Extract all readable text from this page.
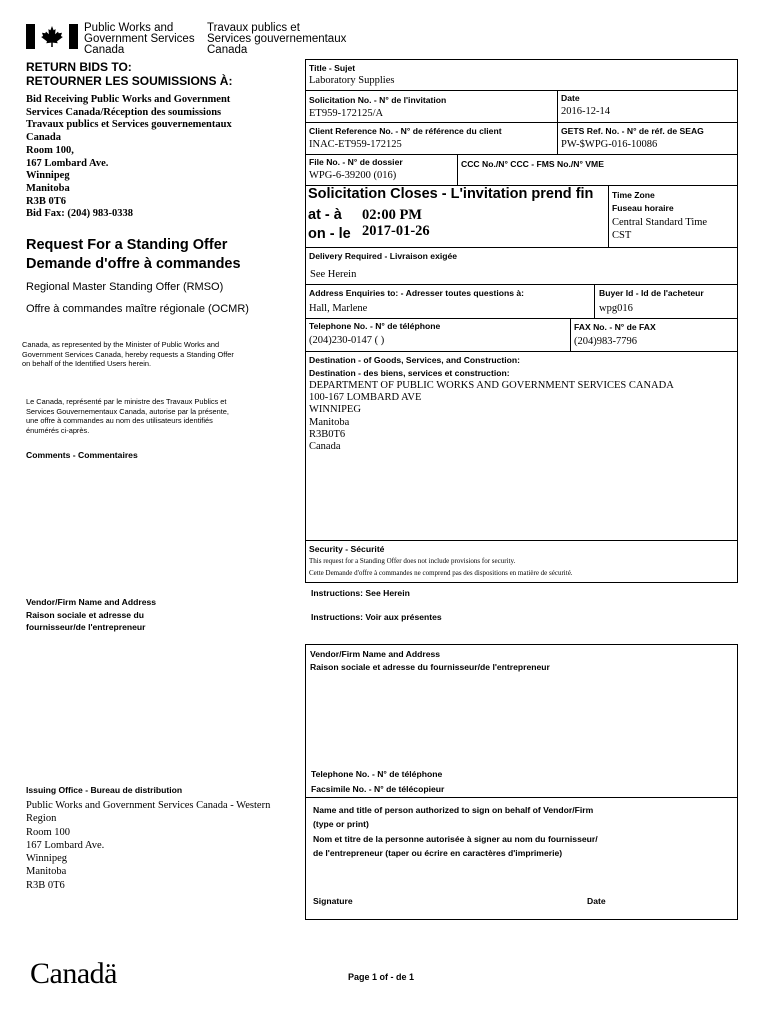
Public Works and
Government Services
Canada
Travaux publics et
Services gouvernementaux
Canada
RETURN BIDS TO:
RETOURNER LES SOUMISSIONS À:
Bid Receiving Public Works and Government
Services Canada/Réception des soumissions
Travaux publics et Services gouvernementaux
Canada
Room 100,
167 Lombard Ave.
Winnipeg
Manitoba
R3B 0T6
Bid Fax: (204) 983-0338
Request For a Standing Offer
Demande d'offre à commandes
Regional Master Standing Offer (RMSO)
Offre à commandes maître régionale (OCMR)
Canada, as represented by the Minister of Public Works and
Government Services Canada, hereby requests a Standing Offer
on behalf of the Identified Users herein.
Le Canada, représenté par le ministre des Travaux Publics et
Services Gouvernementaux Canada, autorise par la présente,
une offre à commandes au nom des utilisateurs identifiés
énumérés ci-après.
Comments - Commentaires
Vendor/Firm Name and Address
Raison sociale et adresse du
fournisseur/de l'entrepreneur
Issuing Office - Bureau de distribution
Public Works and Government Services Canada - Western
Region
Room 100
167 Lombard Ave.
Winnipeg
Manitoba
R3B 0T6
Title - Sujet
Laboratory Supplies
Solicitation No. - N° de l'invitation
ET959-172125/A
Date
2016-12-14
Client Reference No. - N° de référence du client
INAC-ET959-172125
GETS Ref. No. - N° de réf. de SEAG
PW-$WPG-016-10086
File No. - N° de dossier
WPG-6-39200 (016)
CCC No./N° CCC - FMS No./N° VME
Solicitation Closes - L'invitation prend fin
at - à 02:00 PM
on - le 2017-01-26
Time Zone
Fuseau horaire
Central Standard Time
CST
Delivery Required - Livraison exigée
See Herein
Address Enquiries to: - Adresser toutes questions à:
Hall, Marlene
Buyer Id - Id de l'acheteur
wpg016
Telephone No. - N° de téléphone
(204)230-0147 ( )
FAX No. - N° de FAX
(204)983-7796
Destination - of Goods, Services, and Construction:
Destination - des biens, services et construction:
DEPARTMENT OF PUBLIC WORKS AND GOVERNMENT SERVICES CANADA
100-167 LOMBARD AVE
WINNIPEG
Manitoba
R3B0T6
Canada
Security - Sécurité
This request for a Standing Offer does not include provisions for security.
Cette Demande d'offre à commandes ne comprend pas des dispositions en matière de sécurité.
Instructions: See Herein
Instructions: Voir aux présentes
Vendor/Firm Name and Address
Raison sociale et adresse du fournisseur/de l'entrepreneur
Telephone No. - N° de téléphone
Facsimile No. - N° de télécopieur
Name and title of person authorized to sign on behalf of Vendor/Firm
(type or print)
Nom et titre de la personne autorisée à signer au nom du fournisseur/
de l'entrepreneur (taper ou écrire en caractères d'imprimerie)
Signature	Date
Canadä	Page 1 of - de 1
